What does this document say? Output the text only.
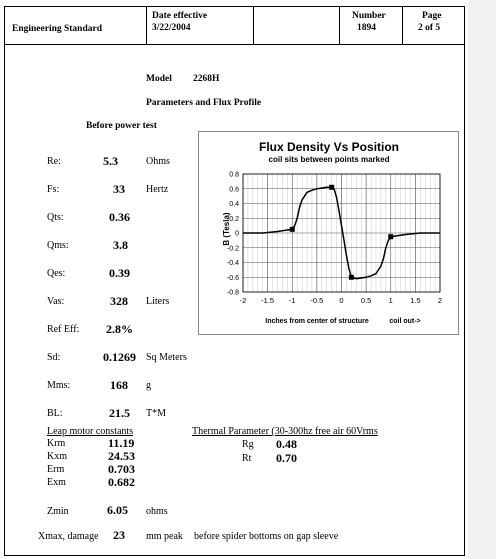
Engineering Standard
Date effective
3/22/2004
Number
1894
Page
2 of 5
Model 2268H
Parameters and Flux Profile
Before power test
Re:	5.3	Ohms
Fs:	33 Hertz
Qts:	0.36
Qms:	3.8
Qes:	0.39
Vas:	328 Liters
Ref Eff: 2.8%
Sd:	0.1269 Sq Meters
Mms:	168 g
BL:	21.5 T*M
Leap motor constants
Krm	11.19
Kxm	24.53
Erm	0.703
Exm	0.682
Thermal Parameter (30-300hz free air 60Vrms
Rg 0.48
Rt 0.70
Zmin	6.05 ohms
Xmax, damage 23 mm peak before spider bottoms on gap sleeve
Flux Density Vs Position
coil sits between points marked
B (Tesla)
Inches from center of structure	coil out->
-0.8
-0.6
-0.4
-0.2
0
0.2
0.4
0.6
0.8
-2 -1.5 -1 -0.5 0 0.5 1 1.5 2
